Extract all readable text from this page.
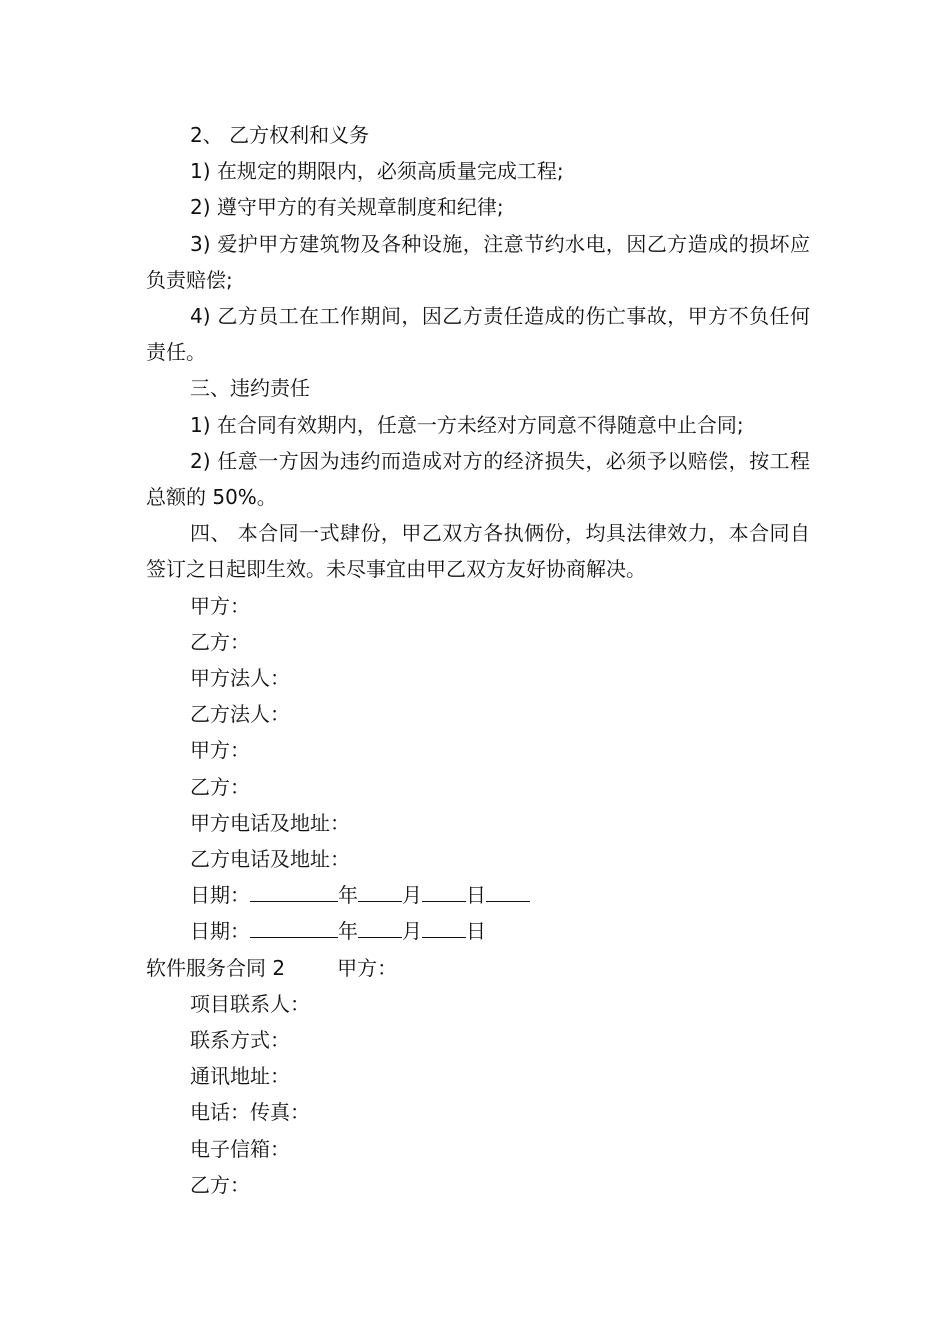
2、 乙方权利和义务

1) 在规定的期限内，必须高质量完成工程;

2) 遵守甲方的有关规章制度和纪律;

3) 爱护甲方建筑物及各种设施，注意节约水电，因乙方造成的损坏应负责赔偿;

4) 乙方员工在工作期间，因乙方责任造成的伤亡事故，甲方不负任何责任。

三、违约责任

1) 在合同有效期内，任意一方未经对方同意不得随意中止合同;

2) 任意一方因为违约而造成对方的经济损失，必须予以赔偿，按工程总额的 50%。

四、 本合同一式肆份，甲乙双方各执俩份，均具法律效力，本合同自签订之日起即生效。未尽事宜由甲乙双方友好协商解决。

甲方：

乙方：

甲方法人：

乙方法人：

甲方：

乙方：

甲方电话及地址：

乙方电话及地址：

日期：	年 月 日

日期：	年 月 日

软件服务合同 2	甲方：

项目联系人：

联系方式：

通讯地址：

电话：传真：

电子信箱：

乙方：
